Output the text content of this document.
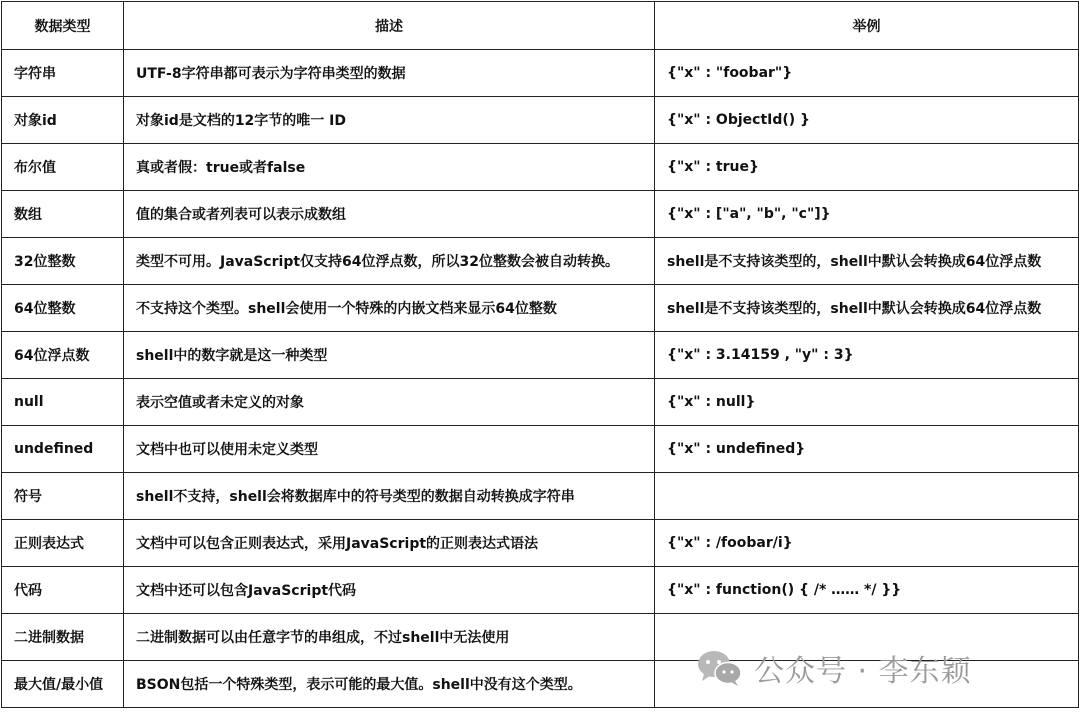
数据类型	描述	举例
字符串	UTF-8字符串都可表示为字符串类型的数据	{"x" : "foobar"}
对象id	对象id是文档的12字节的唯一 ID	{"x" : ObjectId() }
布尔值	真或者假：true或者false	{"x" : true}
数组	值的集合或者列表可以表示成数组	{"x" : ["a", "b", "c"]}
32位整数	类型不可用。JavaScript仅支持64位浮点数，所以32位整数会被自动转换。	shell是不支持该类型的，shell中默认会转换成64位浮点数
64位整数	不支持这个类型。shell会使用一个特殊的内嵌文档来显示64位整数	shell是不支持该类型的，shell中默认会转换成64位浮点数
64位浮点数	shell中的数字就是这一种类型	{"x" : 3.14159 , "y" : 3}
null	表示空值或者未定义的对象	{"x" : null}
undefined	文档中也可以使用未定义类型	{"x" : undefined}
符号	shell不支持，shell会将数据库中的符号类型的数据自动转换成字符串	
正则表达式	文档中可以包含正则表达式，采用JavaScript的正则表达式语法	{"x" : /foobar/i}
代码	文档中还可以包含JavaScript代码	{"x" : function() { /* …… */ }}
二进制数据	二进制数据可以由任意字节的串组成，不过shell中无法使用	
最大值/最小值	BSON包括一个特殊类型，表示可能的最大值。shell中没有这个类型。		公众号 · 李东颖
